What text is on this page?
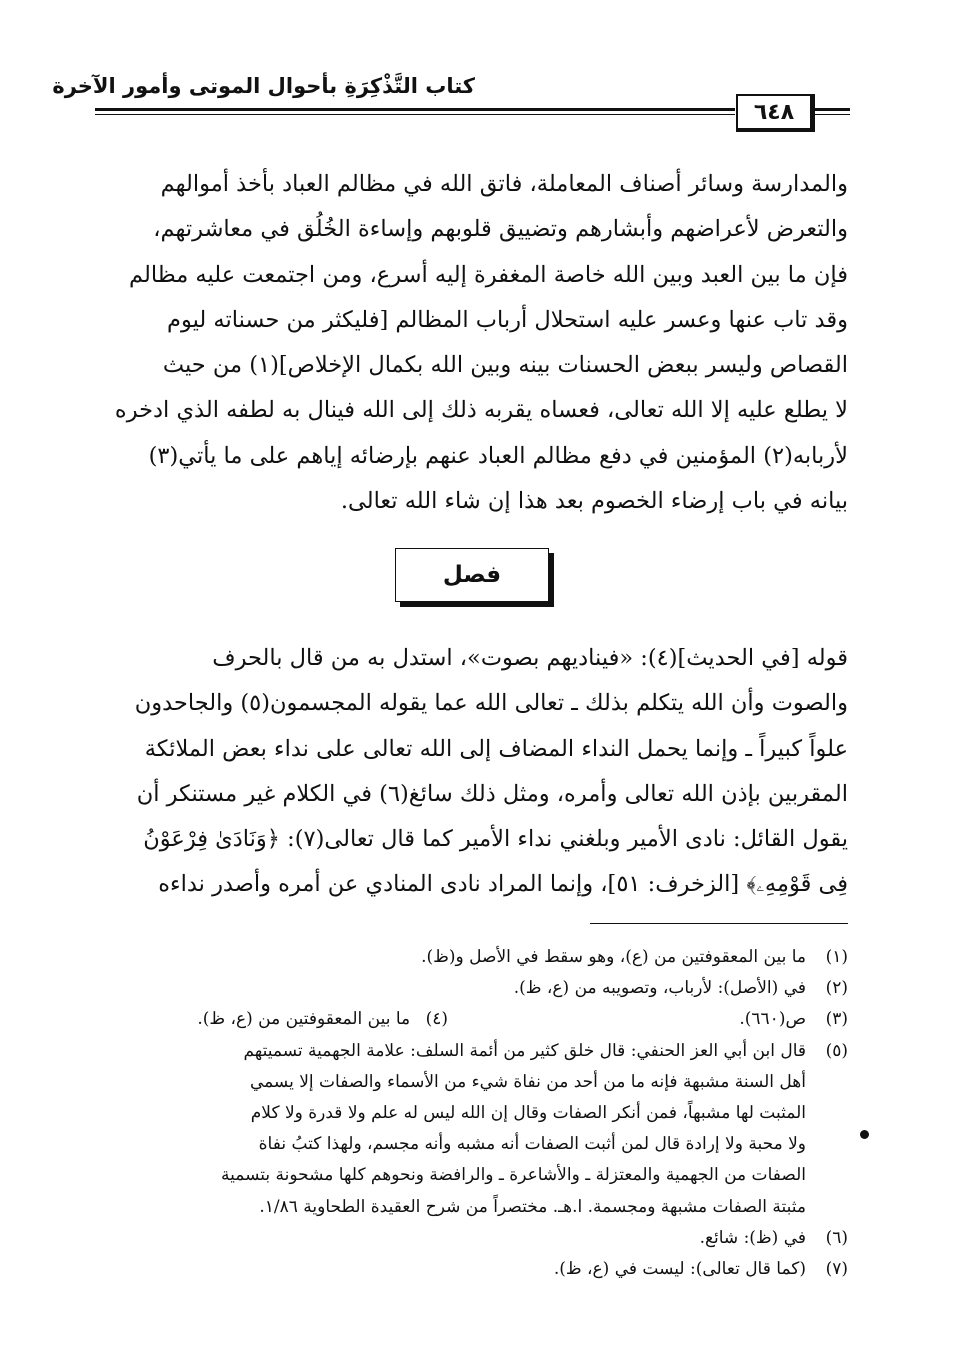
كتاب التَّذْكِرَةِ بأحوال الموتى وأمور الآخرة
٦٤٨
والمدارسة وسائر أصناف المعاملة، فاتق الله في مظالم العباد بأخذ أموالهم
والتعرض لأعراضهم وأبشارهم وتضييق قلوبهم وإساءة الخُلُق في معاشرتهم،
فإن ما بين العبد وبين الله خاصة المغفرة إليه أسرع، ومن اجتمعت عليه مظالم
وقد تاب عنها وعسر عليه استحلال أرباب المظالم [فليكثر من حسناته ليوم
القصاص وليسر ببعض الحسنات بينه وبين الله بكمال الإخلاص](١) من حيث
لا يطلع عليه إلا الله تعالى، فعساه يقربه ذلك إلى الله فينال به لطفه الذي ادخره
لأربابه(٢) المؤمنين في دفع مظالم العباد عنهم بإرضائه إياهم على ما يأتي(٣)
بيانه في باب إرضاء الخصوم بعد هذا إن شاء الله تعالى.
فصل
قوله [في الحديث](٤): «فيناديهم بصوت»، استدل به من قال بالحرف
والصوت وأن الله يتكلم بذلك ـ تعالى الله عما يقوله المجسمون(٥) والجاحدون
علواً كبيراً ـ وإنما يحمل النداء المضاف إلى الله تعالى على نداء بعض الملائكة
المقربين بإذن الله تعالى وأمره، ومثل ذلك سائغ(٦) في الكلام غير مستنكر أن
يقول القائل: نادى الأمير وبلغني نداء الأمير كما قال تعالى(٧): ﴿وَنَادَىٰ فِرْعَوْنُ
فِى قَوْمِهِۦ﴾ [الزخرف: ٥١]، وإنما المراد نادى المنادي عن أمره وأصدر نداءه
(١)
ما بين المعقوفتين من (ع)، وهو سقط في الأصل و(ظ).
(٢)
في (الأصل): لأرباب، وتصويبه من (ع، ظ).
(٣)
ص(٦٦٠).
(٤) ما بين المعقوفتين من (ع، ظ).
(٥)
قال ابن أبي العز الحنفي: قال خلق كثير من أئمة السلف: علامة الجهمية تسميتهم
أهل السنة مشبهة فإنه ما من أحد من نفاة شيء من الأسماء والصفات إلا يسمي
المثبت لها مشبهاً، فمن أنكر الصفات وقال إن الله ليس له علم ولا قدرة ولا كلام
ولا محبة ولا إرادة قال لمن أثبت الصفات أنه مشبه وأنه مجسم، ولهذا كتبُ نفاة
الصفات من الجهمية والمعتزلة ـ والأشاعرة ـ والرافضة ونحوهم كلها مشحونة بتسمية
مثبتة الصفات مشبهة ومجسمة. ا.هـ. مختصراً من شرح العقيدة الطحاوية ١/٨٦.
(٦)
في (ظ): شائع.
(٧)
(كما قال تعالى): ليست في (ع، ظ).
